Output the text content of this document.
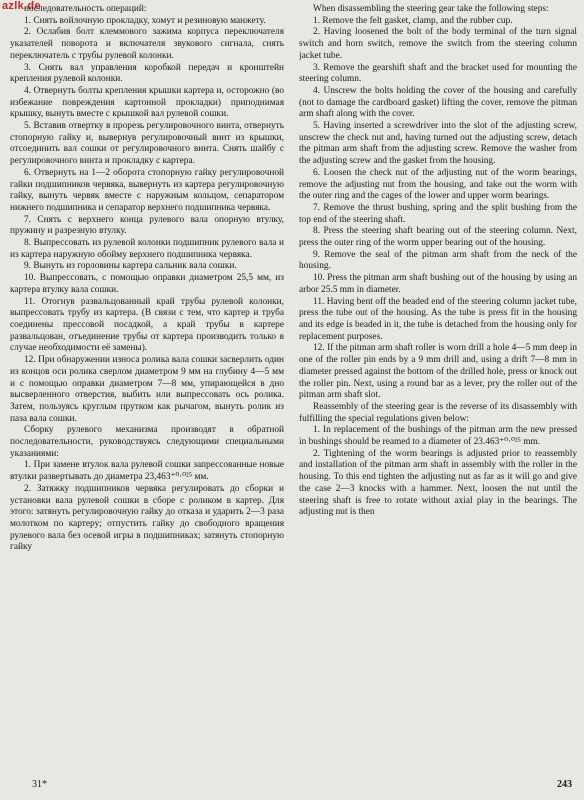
azlk.de

последовательность операций:

1. Снять войлочную прокладку, хомут и резиновую манжету.

2. Ослабив болт клеммового зажима корпуса переключателя указателей поворота и включателя звукового сигнала, снять переключатель с трубы рулевой колонки.

3. Снять вал управления коробкой передач и кронштейн крепления рулевой колонки.

4. Отвернуть болты крепления крышки картера и, осторожно (во избежание повреждения картонной прокладки) приподнимая крышку, вынуть вместе с крышкой вал рулевой сошки.

5. Вставив отвертку в прорезь регулировочного винта, отвернуть стопорную гайку и, вывернув регулировочный винт из крышки, отсоединить вал сошки от регулировочного винта. Снять шайбу с регулировочного винта и прокладку с картера.

6. Отвернуть на 1—2 оборота стопорную гайку регулировочной гайки подшипников червяка, вывернуть из картера регулировочную гайку, вынуть червяк вместе с наружным кольцом, сепаратором нижнего подшипника и сепаратор верхнего подшипника червяка.

7. Снять с верхнего конца рулевого вала опорную втулку, пружину и разрезную втулку.

8. Выпрессовать из рулевой колонки подшипник рулевого вала и из картера наружную обойму верхнего подшипника червяка.

9. Вынуть из горловины картера сальник вала сошки.

10. Выпрессовать, с помощью оправки диаметром 25,5 мм, из картера втулку вала сошки.

11. Отогнув развальцованный край трубы рулевой колонки, выпрессовать трубу из картера. (В связи с тем, что картер и труба соединены прессовой посадкой, а край трубы в картере развальцован, отъединение трубы от картера производить только в случае необходимости её замены).

12. При обнаружении износа ролика вала сошки засверлить один из концов оси ролика сверлом диаметром 9 мм на глубину 4—5 мм и с помощью оправки диаметром 7—8 мм, упирающейся в дно высверленного отверстия, выбить или выпрессовать ось ролика. Затем, пользуясь круглым прутком как рычагом, вынуть ролик из паза вала сошки.

Сборку рулевого механизма производят в обратной последовательности, руководствуясь следующими специальными указаниями:

1. При замене втулок вала рулевой сошки запрессованные новые втулки развертывать до диаметра 23,463⁺⁰·⁰²⁵ мм.

2. Затяжку подшипников червяка регулировать до сборки и установки вала рулевой сошки в сборе с роликом в картер. Для этого: затянуть регулировочную гайку до отказа и ударить 2—3 раза молотком по картеру; отпустить гайку до свободного вращения рулевого вала без осевой игры в подшипниках; затянуть стопорную гайку

When disassembling the steering gear take the following steps:

1. Remove the felt gasket, clamp, and the rubber cup.

2. Having loosened the bolt of the body terminal of the turn signal switch and horn switch, remove the switch from the steering column jacket tube.

3. Remove the gearshift shaft and the bracket used for mounting the steering column.

4. Unscrew the bolts holding the cover of the housing and carefully (not to damage the cardboard gasket) lifting the cover, remove the pitman arm shaft along with the cover.

5. Having inserted a screwdriver into the slot of the adjusting screw, unscrew the check nut and, having turned out the adjusting screw, detach the pitman arm shaft from the adjusting screw. Remove the washer from the adjusting screw and the gasket from the housing.

6. Loosen the check nut of the adjusting nut of the worm bearings, remove the adjusting nut from the housing, and take out the worm with the outer ring and the cages of the lower and upper worm bearings.

7. Remove the thrust bushing, spring and the split bushing from the top end of the steering shaft.

8. Press the steering shaft bearing out of the steering column. Next, press the outer ring of the worm upper bearing out of the housing.

9. Remove the seal of the pitman arm shaft from the neck of the housing.

10. Press the pitman arm shaft bushing out of the housing by using an arbor 25.5 mm in diameter.

11. Having bent off the beaded end of the steering column jacket tube, press the tube out of the housing. As the tube is press fit in the housing and its edge is beaded in it, the tube is detached from the housing only for replacement purposes.

12. If the pitman arm shaft roller is worn drill a hole 4—5 mm deep in one of the roller pin ends by a 9 mm drill and, using a drift 7—8 mm in diameter pressed against the bottom of the drilled hole, press or knock out the roller pin. Next, using a round bar as a lever, pry the roller out of the pitman arm shaft slot.

Reassembly of the steering gear is the reverse of its disassembly with fulfilling the special regulations given below:

1. In replacement of the bushings of the pitman arm the new pressed in bushings should be reamed to a diameter of 23.463⁺⁰·⁰²⁵ mm.

2. Tightening of the worm bearings is adjusted prior to reassembly and installation of the pitman arm shaft in assembly with the roller in the housing. To this end tighten the adjusting nut as far as it will go and give the case 2—3 knocks with a hammer. Next, loosen the nut until the steering shaft is free to rotate without axial play in the bearings. The adjusting nut is then

31*	243
